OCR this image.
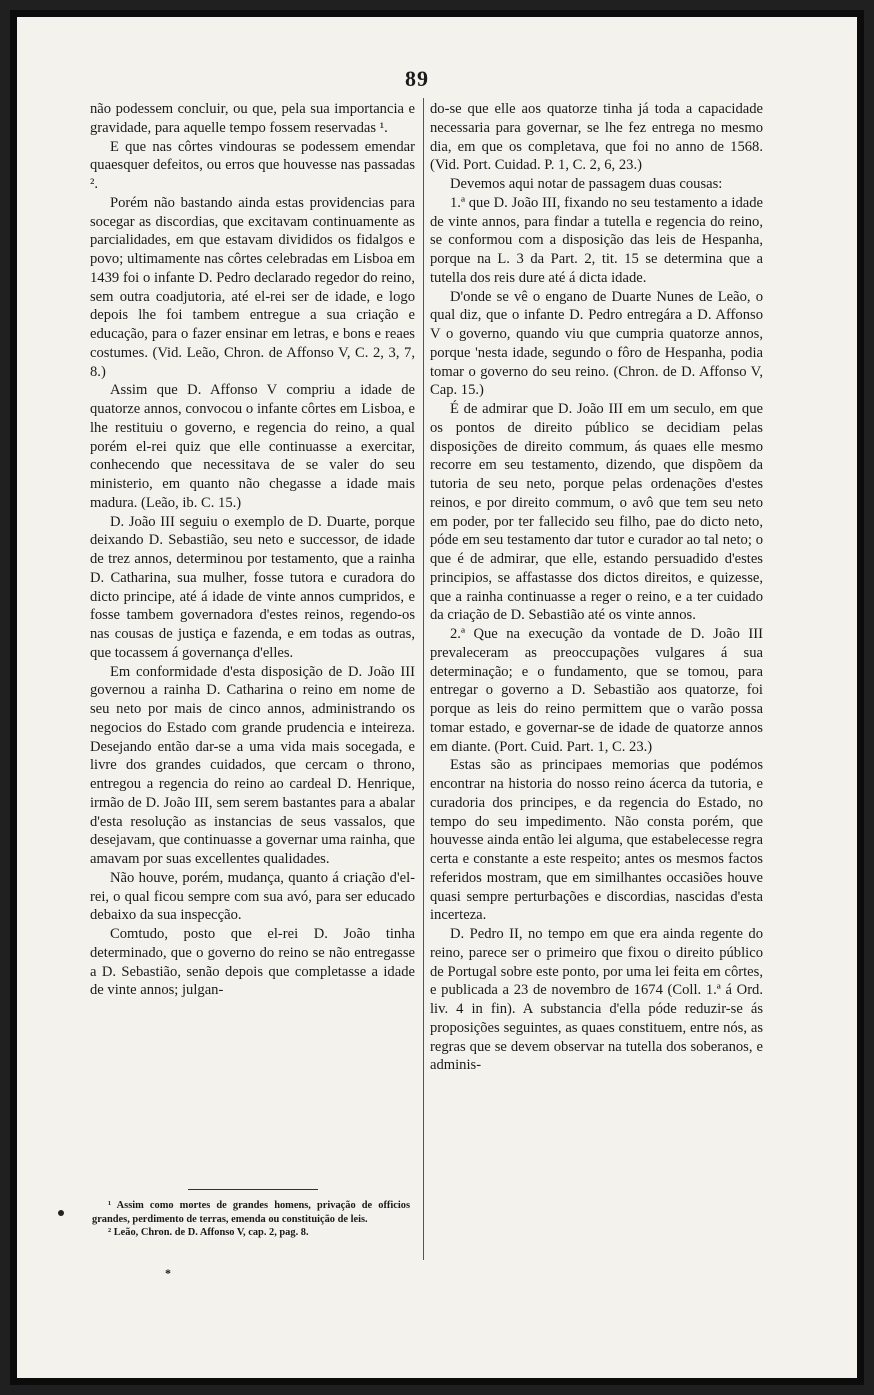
89

não podessem concluir, ou que, pela sua importancia e gravidade, para aquelle tempo fossem reservadas ¹.

E que nas côrtes vindouras se podessem emendar quaesquer defeitos, ou erros que houvesse nas passadas ².

Porém não bastando ainda estas providencias para socegar as discordias, que excitavam continuamente as parcialidades, em que estavam divididos os fidalgos e povo; ultimamente nas côrtes celebradas em Lisboa em 1439 foi o infante D. Pedro declarado regedor do reino, sem outra coadjutoria, até el-rei ser de idade, e logo depois lhe foi tambem entregue a sua criação e educação, para o fazer ensinar em letras, e bons e reaes costumes. (Vid. Leão, Chron. de Affonso V, C. 2, 3, 7, 8.)

Assim que D. Affonso V compriu a idade de quatorze annos, convocou o infante côrtes em Lisboa, e lhe restituiu o governo, e regencia do reino, a qual porém el-rei quiz que elle continuasse a exercitar, conhecendo que necessitava de se valer do seu ministerio, em quanto não chegasse a idade mais madura. (Leão, ib. C. 15.)

D. João III seguiu o exemplo de D. Duarte, porque deixando D. Sebastião, seu neto e successor, de idade de trez annos, determinou por testamento, que a rainha D. Catharina, sua mulher, fosse tutora e curadora do dicto principe, até á idade de vinte annos cumpridos, e fosse tambem governadora d'estes reinos, regendo-os nas cousas de justiça e fazenda, e em todas as outras, que tocassem á governança d'elles.

Em conformidade d'esta disposição de D. João III governou a rainha D. Catharina o reino em nome de seu neto por mais de cinco annos, administrando os negocios do Estado com grande prudencia e inteireza. Desejando então dar-se a uma vida mais socegada, e livre dos grandes cuidados, que cercam o throno, entregou a regencia do reino ao cardeal D. Henrique, irmão de D. João III, sem serem bastantes para a abalar d'esta resolução as instancias de seus vassalos, que desejavam, que continuasse a governar uma rainha, que amavam por suas excellentes qualidades.

Não houve, porém, mudança, quanto á criação d'el-rei, o qual ficou sempre com sua avó, para ser educado debaixo da sua inspecção.

Comtudo, posto que el-rei D. João tinha determinado, que o governo do reino se não entregasse a D. Sebastião, senão depois que completasse a idade de vinte annos; julgan-

do-se que elle aos quatorze tinha já toda a capacidade necessaria para governar, se lhe fez entrega no mesmo dia, em que os completava, que foi no anno de 1568. (Vid. Port. Cuidad. P. 1, C. 2, 6, 23.)

Devemos aqui notar de passagem duas cousas:

1.ª que D. João III, fixando no seu testamento a idade de vinte annos, para findar a tutella e regencia do reino, se conformou com a disposição das leis de Hespanha, porque na L. 3 da Part. 2, tit. 15 se determina que a tutella dos reis dure até á dicta idade.

D'onde se vê o engano de Duarte Nunes de Leão, o qual diz, que o infante D. Pedro entregára a D. Affonso V o governo, quando viu que cumpria quatorze annos, porque 'nesta idade, segundo o fôro de Hespanha, podia tomar o governo do seu reino. (Chron. de D. Affonso V, Cap. 15.)

É de admirar que D. João III em um seculo, em que os pontos de direito público se decidiam pelas disposições de direito commum, ás quaes elle mesmo recorre em seu testamento, dizendo, que dispõem da tutoria de seu neto, porque pelas ordenações d'estes reinos, e por direito commum, o avô que tem seu neto em poder, por ter fallecido seu filho, pae do dicto neto, póde em seu testamento dar tutor e curador ao tal neto; o que é de admirar, que elle, estando persuadido d'estes principios, se affastasse dos dictos direitos, e quizesse, que a rainha continuasse a reger o reino, e a ter cuidado da criação de D. Sebastião até os vinte annos.

2.ª Que na execução da vontade de D. João III prevaleceram as preoccupações vulgares á sua determinação; e o fundamento, que se tomou, para entregar o governo a D. Sebastião aos quatorze, foi porque as leis do reino permittem que o varão possa tomar estado, e governar-se de idade de quatorze annos em diante. (Port. Cuid. Part. 1, C. 23.)

Estas são as principaes memorias que podémos encontrar na historia do nosso reino ácerca da tutoria, e curadoria dos principes, e da regencia do Estado, no tempo do seu impedimento. Não consta porém, que houvesse ainda então lei alguma, que estabelecesse regra certa e constante a este respeito; antes os mesmos factos referidos mostram, que em similhantes occasiões houve quasi sempre perturbações e discordias, nascidas d'esta incerteza.

D. Pedro II, no tempo em que era ainda regente do reino, parece ser o primeiro que fixou o direito público de Portugal sobre este ponto, por uma lei feita em côrtes, e publicada a 23 de novembro de 1674 (Coll. 1.ª á Ord. liv. 4 in fin). A substancia d'ella póde reduzir-se ás proposições seguintes, as quaes constituem, entre nós, as regras que se devem observar na tutella dos soberanos, e adminis-

¹ Assim como mortes de grandes homens, privação de officios grandes, perdimento de terras, emenda ou constituição de leis.

² Leão, Chron. de D. Affonso V, cap. 2, pag. 8.

*
